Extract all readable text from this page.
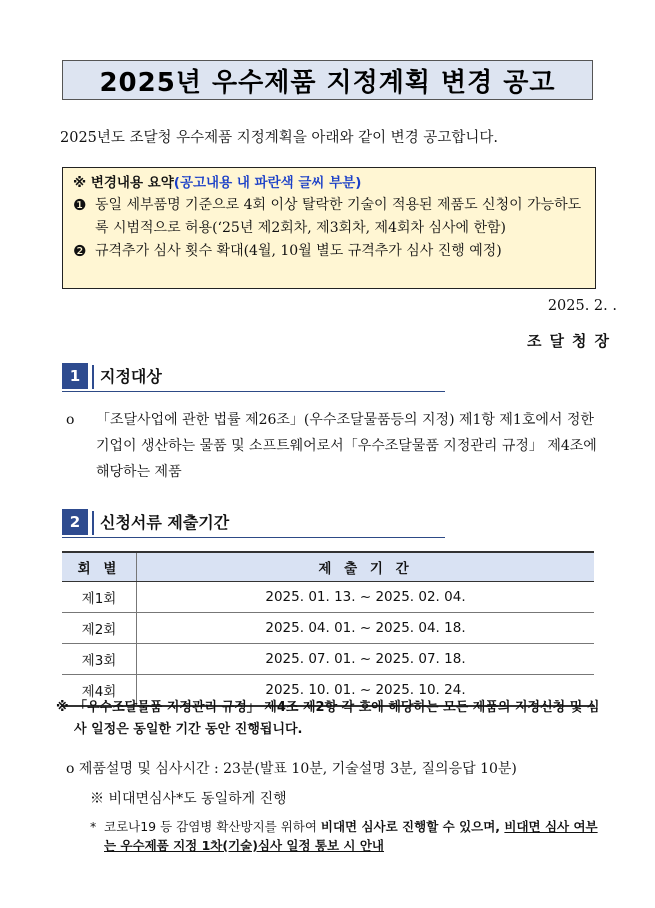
2025년 우수제품 지정계획 변경 공고
2025년도 조달청 우수제품 지정계획을 아래와 같이 변경 공고합니다.
※ 변경내용 요약(공고내용 내 파란색 글씨 부분)
❶ 동일 세부품명 기준으로 4회 이상 탈락한 기술이 적용된 제품도 신청이 가능하도록 시범적으로 허용(‘25년 제2회차, 제3회차, 제4회차 심사에 한함)
❷ 규격추가 심사 횟수 확대(4월, 10월 별도 규격추가 심사 진행 예정)
2025. 2. .
조달청장
1	지정대상
o 「조달사업에 관한 법률 제26조」(우수조달물품등의 지정) 제1항 제1호에서 정한 기업이 생산하는 물품 및 소프트웨어로서「우수조달물품 지정관리 규정」 제4조에 해당하는 제품
2	신청서류 제출기간
회 별	제 출 기 간
제1회	2025. 01. 13. ~ 2025. 02. 04.
제2회	2025. 04. 01. ~ 2025. 04. 18.
제3회	2025. 07. 01. ~ 2025. 07. 18.
제4회	2025. 10. 01. ~ 2025. 10. 24.
※ 「우수조달물품 지정관리 규정」 제4조 제2항 각 호에 해당하는 모든 제품의 지정신청 및 심사 일정은 동일한 기간 동안 진행됩니다.
o 제품설명 및 심사시간 : 23분(발표 10분, 기술설명 3분, 질의응답 10분)
※ 비대면심사*도 동일하게 진행
* 코로나19 등 감염병 확산방지를 위하여 비대면 심사로 진행할 수 있으며, 비대면 심사 여부는 우수제품 지정 1차(기술)심사 일정 통보 시 안내
